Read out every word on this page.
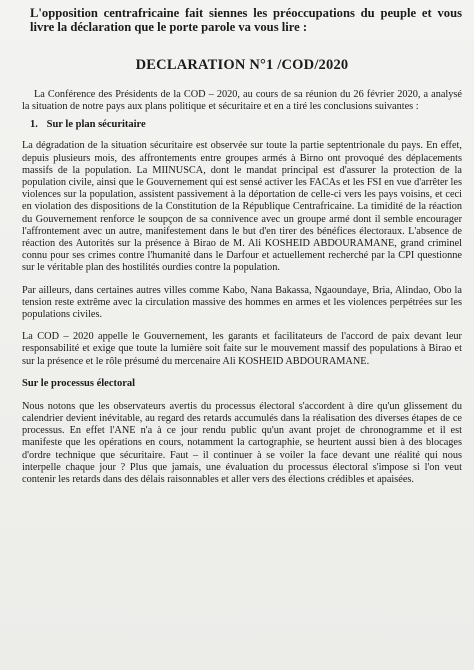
L'opposition centrafricaine fait siennes les préoccupations du peuple et vous livre la déclaration que le porte parole va vous lire :
DECLARATION N°1 /COD/2020

La Conférence des Présidents de la COD – 2020, au cours de sa réunion du 26 février 2020, a analysé la situation de notre pays aux plans politique et sécuritaire et en a tiré les conclusions suivantes :

1. Sur le plan sécuritaire

La dégradation de la situation sécuritaire est observée sur toute la partie septentrionale du pays. En effet, depuis plusieurs mois, des affrontements entre groupes armés à Birno ont provoqué des déplacements massifs de la population. La MIINUSCA, dont le mandat principal est d'assurer la protection de la population civile, ainsi que le Gouvernement qui est sensé activer les FACAs et les FSI en vue d'arrêter les violences sur la population, assistent passivement à la déportation de celle-ci vers les pays voisins, et ceci en violation des dispositions de la Constitution de la République Centrafricaine. La timidité de la réaction du Gouvernement renforce le soupçon de sa connivence avec un groupe armé dont il semble encourager l'affrontement avec un autre, manifestement dans le but d'en tirer des bénéfices électoraux. L'absence de réaction des Autorités sur la présence à Birao de M. Ali KOSHEID ABDOURAMANE, grand criminel connu pour ses crimes contre l'humanité dans le Darfour et actuellement recherché par la CPI questionne sur le véritable plan des hostilités ourdies contre la population.

Par ailleurs, dans certaines autres villes comme Kabo, Nana Bakassa, Ngaoundaye, Bria, Alindao, Obo la tension reste extrême avec la circulation massive des hommes en armes et les violences perpétrées sur les populations civiles.

La COD – 2020 appelle le Gouvernement, les garants et facilitateurs de l'accord de paix devant leur responsabilité et exige que toute la lumière soit faite sur le mouvement massif des populations à Birao et sur la présence et le rôle présumé du mercenaire Ali KOSHEID ABDOURAMANE.

Sur le processus électoral

Nous notons que les observateurs avertis du processus électoral s'accordent à dire qu'un glissement du calendrier devient inévitable, au regard des retards accumulés dans la réalisation des diverses étapes de ce processus. En effet l'ANE n'a à ce jour rendu public qu'un avant projet de chronogramme et il est manifeste que les opérations en cours, notamment la cartographie, se heurtent aussi bien à des blocages d'ordre technique que sécuritaire. Faut – il continuer à se voiler la face devant une réalité qui nous interpelle chaque jour ? Plus que jamais, une évaluation du processus électoral s'impose si l'on veut contenir les retards dans des délais raisonnables et aller vers des élections crédibles et apaisées.
